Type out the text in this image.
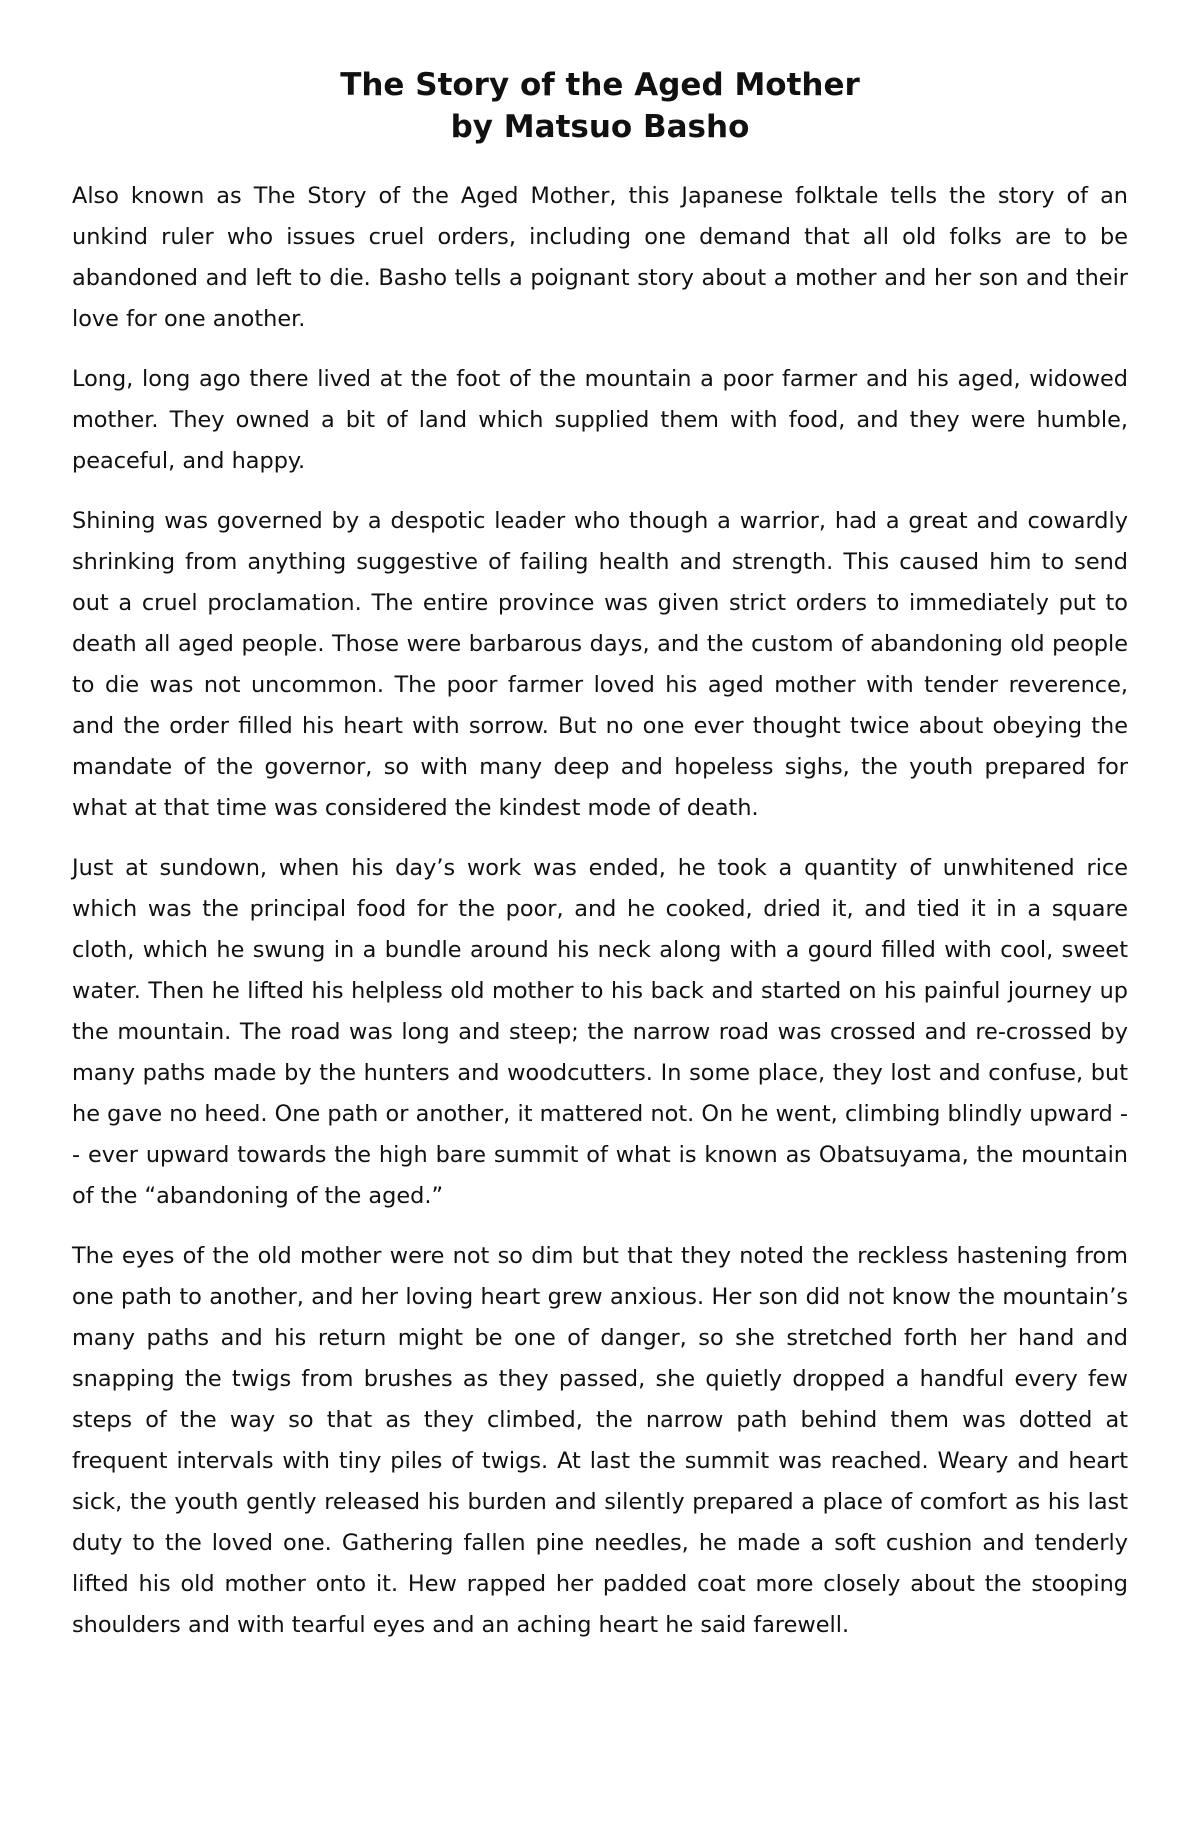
The Story of the Aged Mother
by Matsuo Basho

Also known as The Story of the Aged Mother, this Japanese folktale tells the story of an unkind ruler who issues cruel orders, including one demand that all old folks are to be abandoned and left to die. Basho tells a poignant story about a mother and her son and their love for one another.

Long, long ago there lived at the foot of the mountain a poor farmer and his aged, widowed mother. They owned a bit of land which supplied them with food, and they were humble, peaceful, and happy.

Shining was governed by a despotic leader who though a warrior, had a great and cowardly shrinking from anything suggestive of failing health and strength. This caused him to send out a cruel proclamation. The entire province was given strict orders to immediately put to death all aged people. Those were barbarous days, and the custom of abandoning old people to die was not uncommon. The poor farmer loved his aged mother with tender reverence, and the order filled his heart with sorrow. But no one ever thought twice about obeying the mandate of the governor, so with many deep and hopeless sighs, the youth prepared for what at that time was considered the kindest mode of death.

Just at sundown, when his day’s work was ended, he took a quantity of unwhitened rice which was the principal food for the poor, and he cooked, dried it, and tied it in a square cloth, which he swung in a bundle around his neck along with a gourd filled with cool, sweet water. Then he lifted his helpless old mother to his back and started on his painful journey up the mountain. The road was long and steep; the narrow road was crossed and re-crossed by many paths made by the hunters and woodcutters. In some place, they lost and confuse, but he gave no heed. One path or another, it mattered not. On he went, climbing blindly upward -- ever upward towards the high bare summit of what is known as Obatsuyama, the mountain of the “abandoning of the aged.”

The eyes of the old mother were not so dim but that they noted the reckless hastening from one path to another, and her loving heart grew anxious. Her son did not know the mountain’s many paths and his return might be one of danger, so she stretched forth her hand and snapping the twigs from brushes as they passed, she quietly dropped a handful every few steps of the way so that as they climbed, the narrow path behind them was dotted at frequent intervals with tiny piles of twigs. At last the summit was reached. Weary and heart sick, the youth gently released his burden and silently prepared a place of comfort as his last duty to the loved one. Gathering fallen pine needles, he made a soft cushion and tenderly lifted his old mother onto it. Hew rapped her padded coat more closely about the stooping shoulders and with tearful eyes and an aching heart he said farewell.
